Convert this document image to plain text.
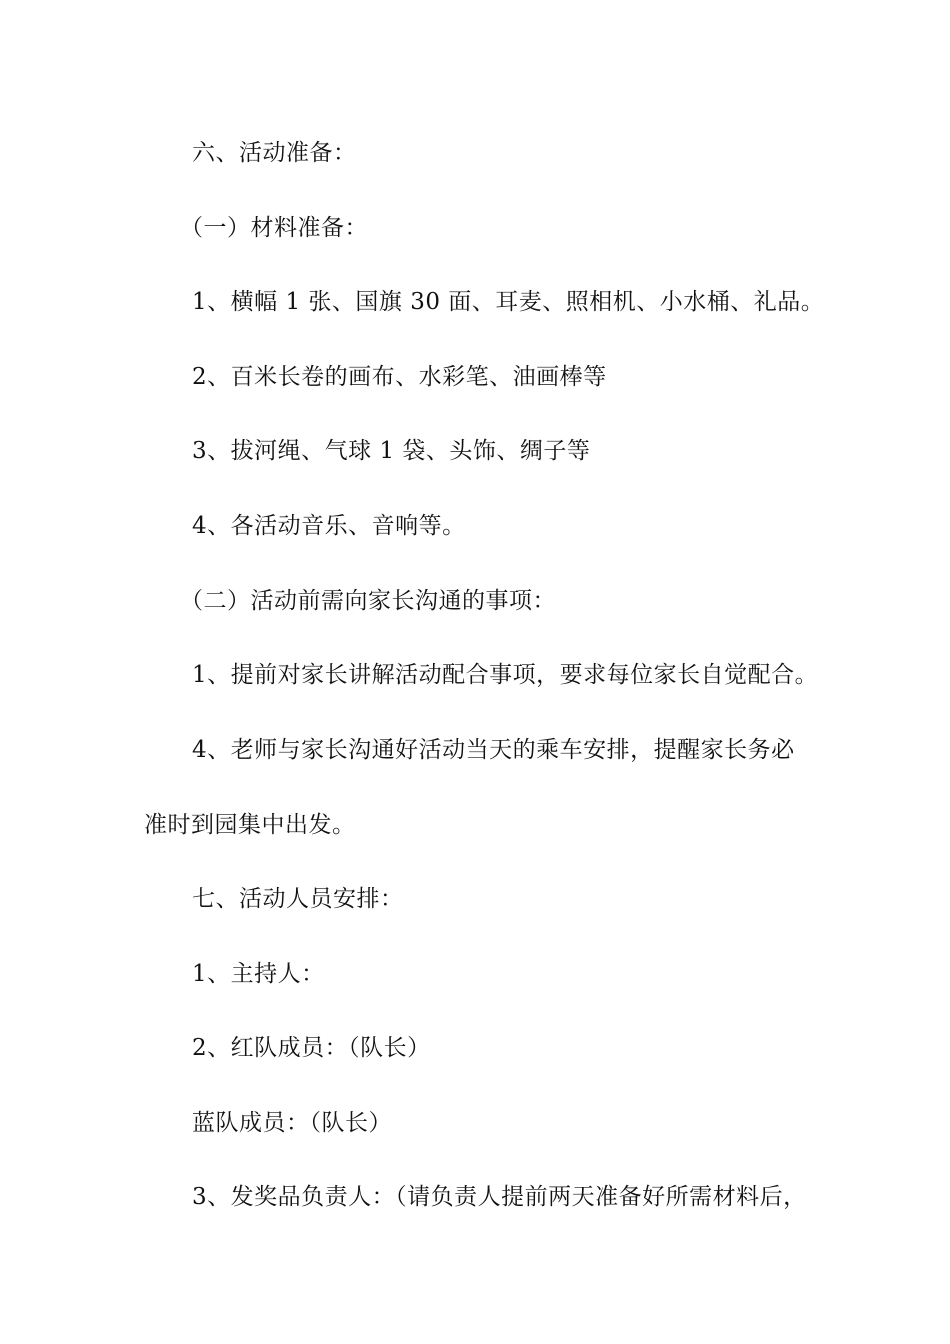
六、活动准备：
（一）材料准备：
1、横幅 1 张、国旗 30 面、耳麦、照相机、小水桶、礼品。
2、百米长卷的画布、水彩笔、油画棒等
3、拔河绳、气球 1 袋、头饰、绸子等
4、各活动音乐、音响等。
（二）活动前需向家长沟通的事项：
1、提前对家长讲解活动配合事项，要求每位家长自觉配合。
4、老师与家长沟通好活动当天的乘车安排，提醒家长务必
准时到园集中出发。
七、活动人员安排：
1、主持人：
2、红队成员：（队长）
蓝队成员：（队长）
3、发奖品负责人：（请负责人提前两天准备好所需材料后，
